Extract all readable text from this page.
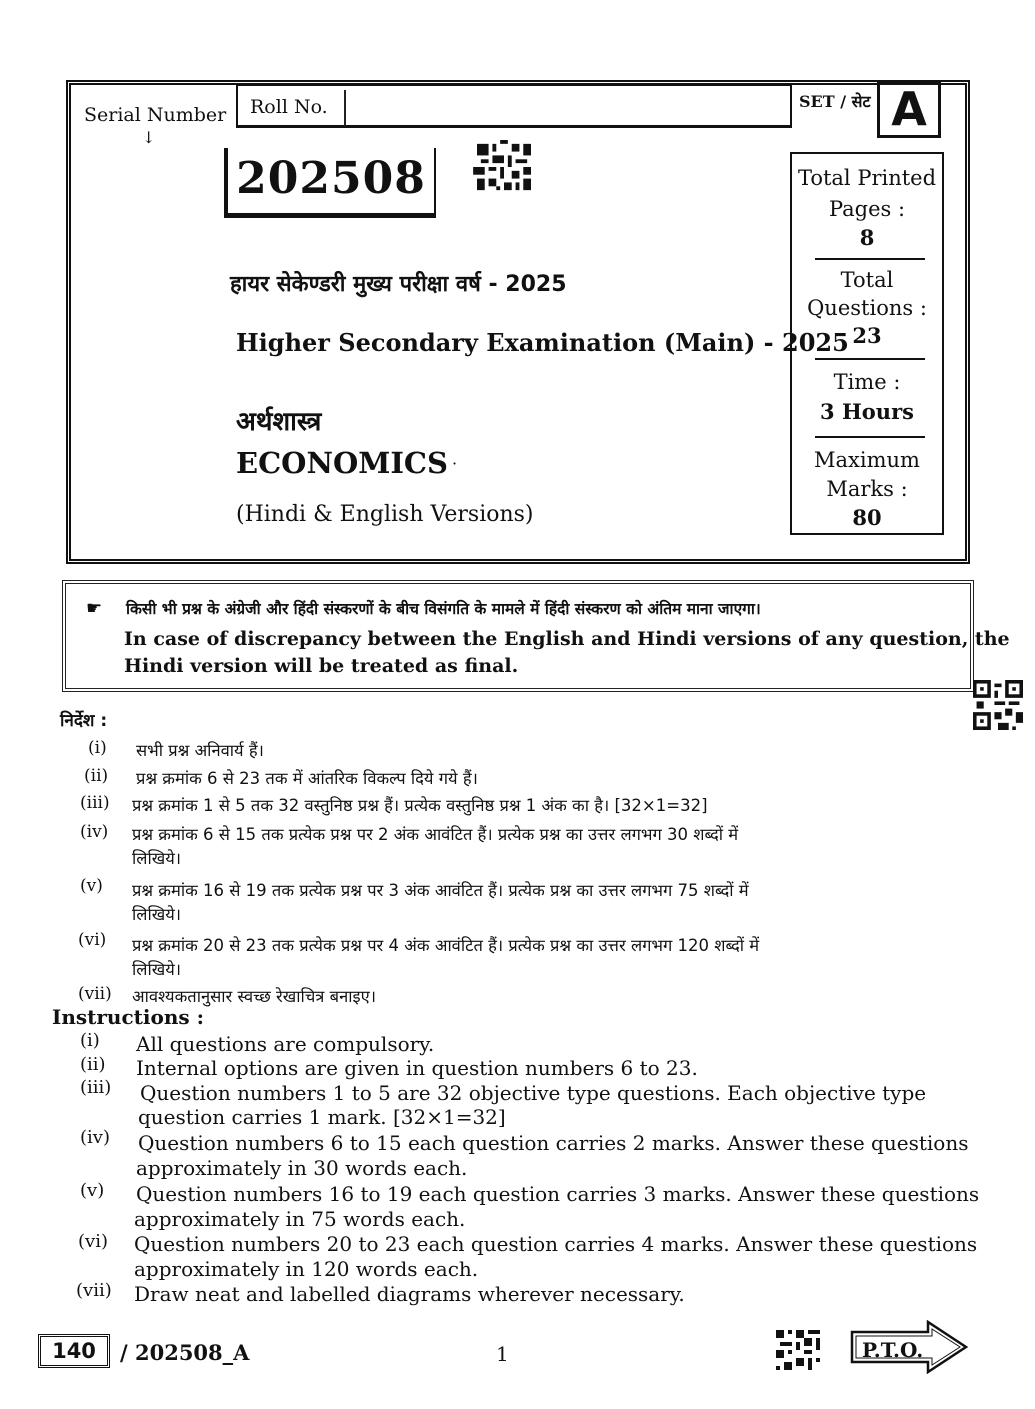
Serial Number
↓
Roll No.	SET / सेट A
202508	Total Printed
Pages :
8
Total
Questions :
23
Time :
3 Hours
Maximum
Marks :
80
हायर सेकेण्डरी मुख्य परीक्षा वर्ष - 2025
Higher Secondary Examination (Main) - 2025
अर्थशास्त्र
ECONOMICS ·
(Hindi & English Versions)
☛ किसी भी प्रश्न के अंग्रेजी और हिंदी संस्करणों के बीच विसंगति के मामले में हिंदी संस्करण को अंतिम माना जाएगा।
In case of discrepancy between the English and Hindi versions of any question, the
Hindi version will be treated as final.
निर्देश :
(i) सभी प्रश्न अनिवार्य हैं।
(ii) प्रश्न क्रमांक 6 से 23 तक में आंतरिक विकल्प दिये गये हैं।
(iii) प्रश्न क्रमांक 1 से 5 तक 32 वस्तुनिष्ठ प्रश्न हैं। प्रत्येक वस्तुनिष्ठ प्रश्न 1 अंक का है। [32×1=32]
(iv) प्रश्न क्रमांक 6 से 15 तक प्रत्येक प्रश्न पर 2 अंक आवंटित हैं। प्रत्येक प्रश्न का उत्तर लगभग 30 शब्दों में
लिखिये।
(v) प्रश्न क्रमांक 16 से 19 तक प्रत्येक प्रश्न पर 3 अंक आवंटित हैं। प्रत्येक प्रश्न का उत्तर लगभग 75 शब्दों में
लिखिये।
(vi) प्रश्न क्रमांक 20 से 23 तक प्रत्येक प्रश्न पर 4 अंक आवंटित हैं। प्रत्येक प्रश्न का उत्तर लगभग 120 शब्दों में
लिखिये।
(vii) आवश्यकतानुसार स्वच्छ रेखाचित्र बनाइए।
Instructions :
(i) All questions are compulsory.
(ii) Internal options are given in question numbers 6 to 23.
(iii) Question numbers 1 to 5 are 32 objective type questions. Each objective type
question carries 1 mark. [32×1=32]
(iv) Question numbers 6 to 15 each question carries 2 marks. Answer these questions
approximately in 30 words each.
(v) Question numbers 16 to 19 each question carries 3 marks. Answer these questions
approximately in 75 words each.
(vi) Question numbers 20 to 23 each question carries 4 marks. Answer these questions
approximately in 120 words each.
(vii) Draw neat and labelled diagrams wherever necessary.
140	/ 202508_A	1	P.T.O.
